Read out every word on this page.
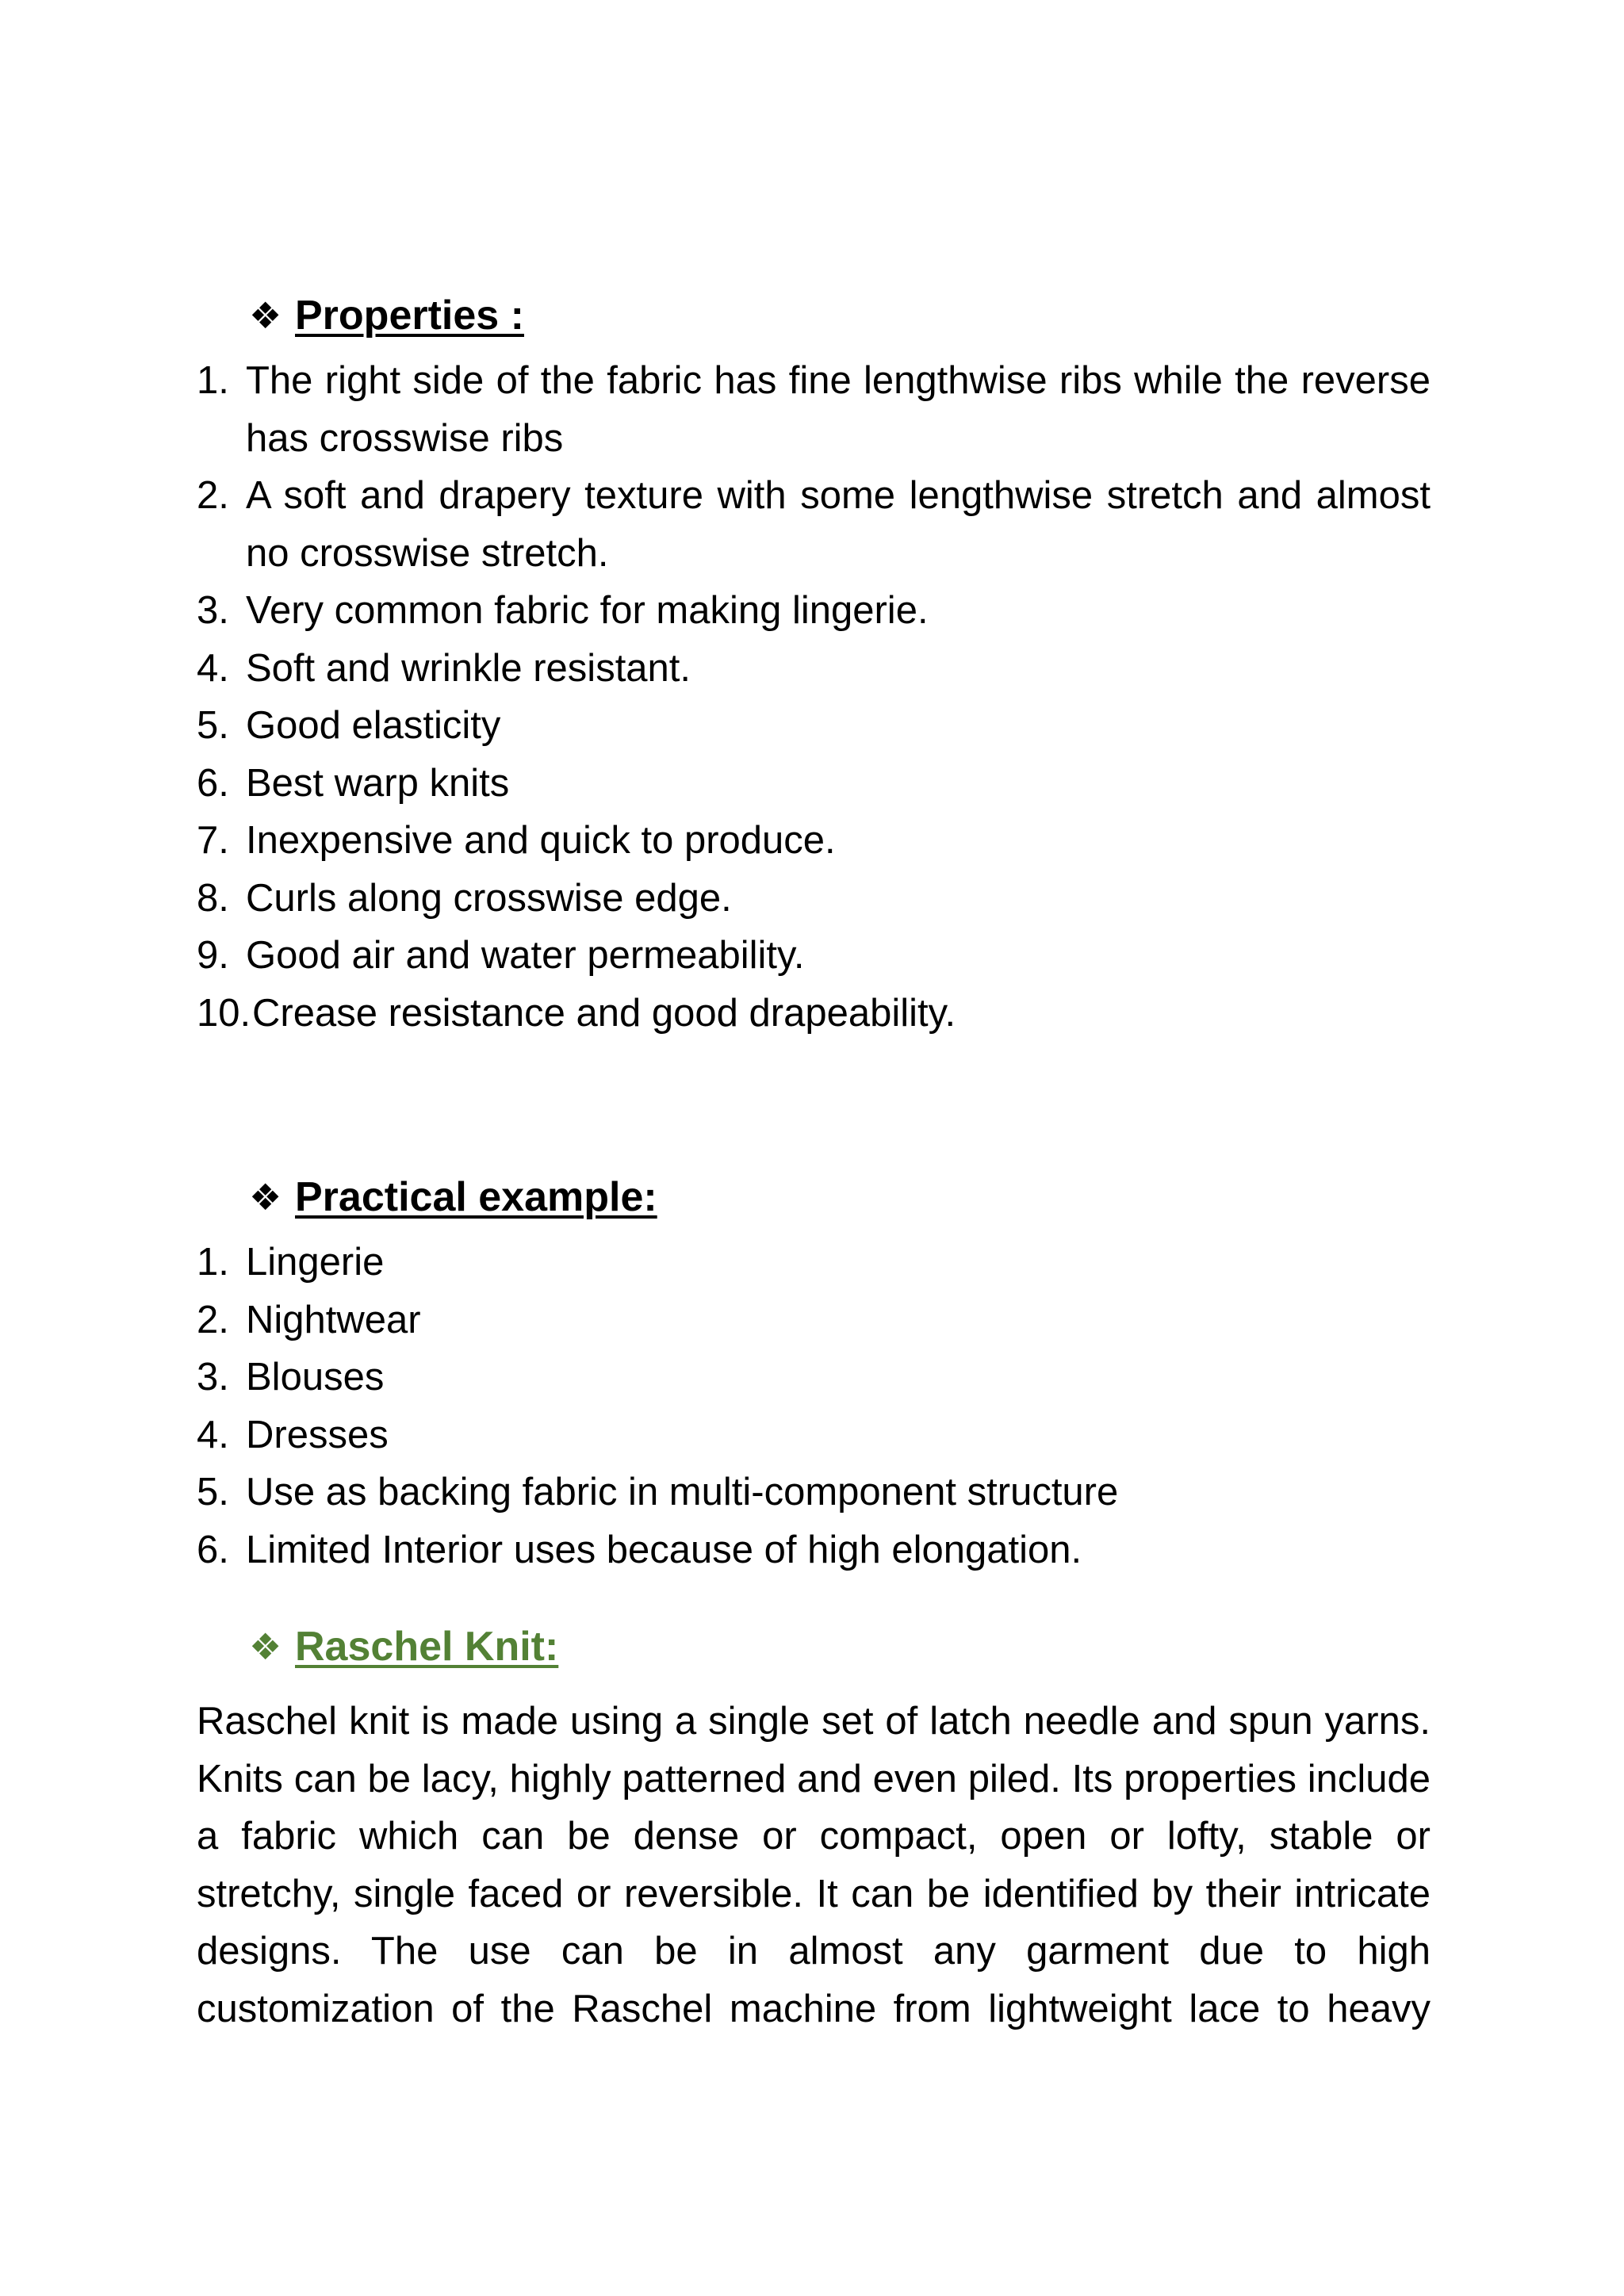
❖ Properties :
1. The right side of the fabric has fine lengthwise ribs while the reverse has crosswise ribs
2. A soft and drapery texture with some lengthwise stretch and almost no crosswise stretch.
3. Very common fabric for making lingerie.
4. Soft and wrinkle resistant.
5. Good elasticity
6. Best warp knits
7. Inexpensive and quick to produce.
8. Curls along crosswise edge.
9. Good air and water permeability.
10. Crease resistance and good drapeability.
❖ Practical example:
1. Lingerie
2. Nightwear
3. Blouses
4. Dresses
5. Use as backing fabric in multi-component structure
6. Limited Interior uses because of high elongation.
❖ Raschel Knit:

Raschel knit is made using a single set of latch needle and spun yarns. Knits can be lacy, highly patterned and even piled. Its properties include a fabric which can be dense or compact, open or lofty, stable or stretchy, single faced or reversible. It can be identified by their intricate designs. The use can be in almost any garment due to high customization of the Raschel machine from lightweight lace to heavy
